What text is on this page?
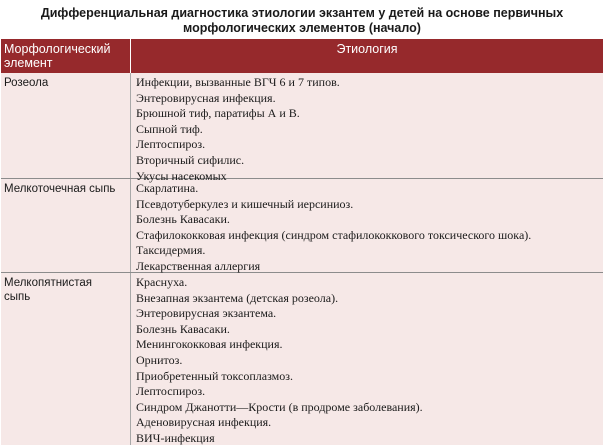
Дифференциальная диагностика этиологии экзантем у детей на основе первичных
морфологических элементов (начало)
Морфологический
элемент
Этиология
Розеола	Инфекции, вызванные ВГЧ 6 и 7 типов.
Энтеровирусная инфекция.
Брюшной тиф, паратифы А и В.
Сыпной тиф.
Лептоспироз.
Вторичный сифилис.
Укусы насекомых
Мелкоточечная сыпь	Скарлатина.
Псевдотуберкулез и кишечный иерсиниоз.
Болезнь Кавасаки.
Стафилококковая инфекция (синдром стафилококкового токсического шока).
Таксидермия.
Лекарственная аллергия
Мелкопятнистая
сыпь
Краснуха.
Внезапная экзантема (детская розеола).
Энтеровирусная экзантема.
Болезнь Кавасаки.
Менингококковая инфекция.
Орнитоз.
Приобретенный токсоплазмоз.
Лептоспироз.
Синдром Джанотти—Крости (в продроме заболевания).
Аденовирусная инфекция.
ВИЧ-инфекция
